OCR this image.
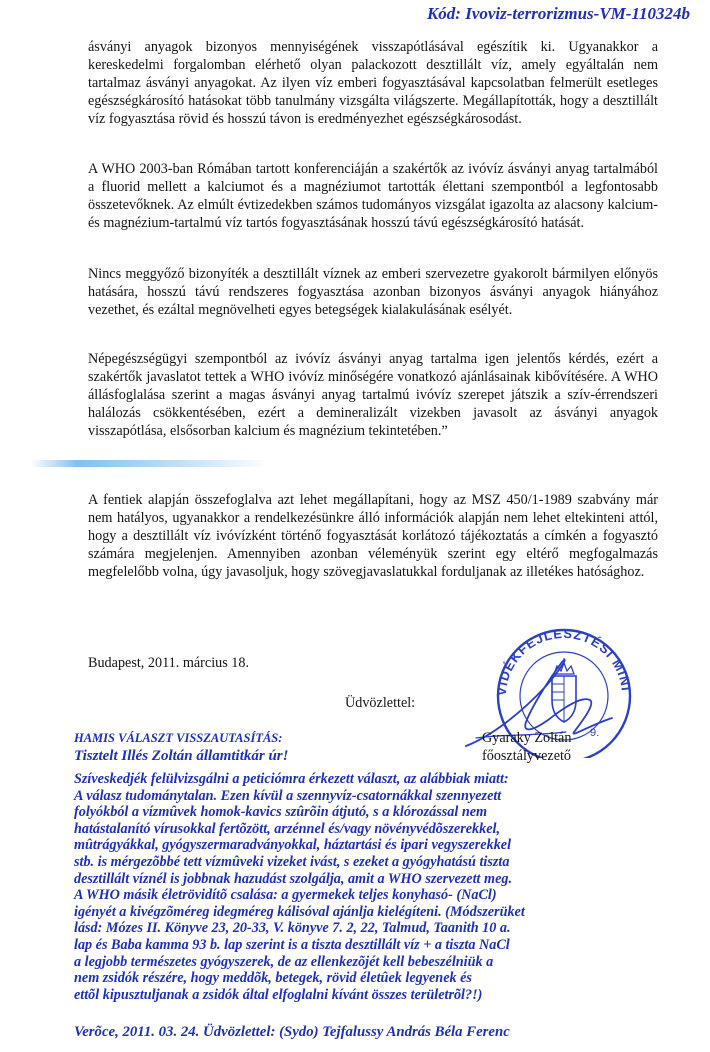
Kód: Ivoviz-terrorizmus-VM-110324b

ásványi anyagok bizonyos mennyiségének visszapótlásával egészítik ki. Ugyanakkor a kereskedelmi forgalomban elérhető olyan palackozott desztillált víz, amely egyáltalán nem tartalmaz ásványi anyagokat. Az ilyen víz emberi fogyasztásával kapcsolatban felmerült esetleges egészségkárosító hatásokat több tanulmány vizsgálta világszerte. Megállapították, hogy a desztillált víz fogyasztása rövid és hosszú távon is eredményezhet egészségkárosodást.

A WHO 2003-ban Rómában tartott konferenciáján a szakértők az ivóvíz ásványi anyag tartalmából a fluorid mellett a kalciumot és a magnéziumot tartották élettani szempontból a legfontosabb összetevőknek. Az elmúlt évtizedekben számos tudományos vizsgálat igazolta az alacsony kalcium- és magnézium-tartalmú víz tartós fogyasztásának hosszú távú egészségkárosító hatását.

Nincs meggyőző bizonyíték a desztillált víznek az emberi szervezetre gyakorolt bármilyen előnyös hatására, hosszú távú rendszeres fogyasztása azonban bizonyos ásványi anyagok hiányához vezethet, és ezáltal megnövelheti egyes betegségek kialakulásának esélyét.

Népegészségügyi szempontból az ivóvíz ásványi anyag tartalma igen jelentős kérdés, ezért a szakértők javaslatot tettek a WHO ivóvíz minőségére vonatkozó ajánlásainak kibővítésére. A WHO állásfoglalása szerint a magas ásványi anyag tartalmú ivóvíz szerepet játszik a szív-érrendszeri halálozás csökkentésében, ezért a demineralizált vizekben javasolt az ásványi anyagok visszapótlása, elsősorban kalcium és magnézium tekintetében.”

A fentiek alapján összefoglalva azt lehet megállapítani, hogy az MSZ 450/1-1989 szabvány már nem hatályos, ugyanakkor a rendelkezésünkre álló információk alapján nem lehet eltekinteni attól, hogy a desztillált víz ivóvízként történő fogyasztását korlátozó tájékoztatás a címkén a fogyasztó számára megjelenjen. Amennyiben azonban véleményük szerint egy eltérő megfogalmazás megfelelőbb volna, úgy javasoljuk, hogy szövegjavaslatukkal forduljanak az illetékes hatósághoz.

Budapest, 2011. március 18.
Üdvözlettel:
VIDÉKFEJLESZTÉSI MINI
9.
Gyaraky Zoltán
főosztályvezető
HAMIS VÁLASZT VISSZAUTASÍTÁS:
Tisztelt Illés Zoltán államtitkár úr!

Szíveskedjék felülvizsgálni a peticiómra érkezett választ, az alábbiak miatt:

A válasz tudománytalan. Ezen kívül a szennyvíz-csatornákkal szennyezett

folyókból a vízmûvek homok-kavics szûrõin átjutó, s a klórozással nem

hatástalanító vírusokkal fertõzött, arzénnel és/vagy növényvédõszerekkel,

mûtrágyákkal, gyógyszermaradványokkal, háztartási és ipari vegyszerekkel

stb. is mérgezõbbé tett vízmûveki vizeket ivást, s ezeket a gyógyhatású tiszta

desztillált víznél is jobbnak hazudást szolgálja, amit a WHO szervezett meg.

A WHO másik életrövidítõ csalása: a gyermekek teljes konyhasó- (NaCl)

igényét a kivégzõméreg idegméreg kálisóval ajánlja kielégíteni. (Módszerüket

lásd: Mózes II. Könyve 23, 20-33, V. könyve 7. 2, 22, Talmud, Taanith 10 a.

lap és Baba kamma 93 b. lap szerint is a tiszta desztillált víz + a tiszta NaCl

a legjobb természetes gyógyszerek, de az ellenkezõjét kell bebeszélniük a

nem zsidók részére, hogy meddõk, betegek, rövid életûek legyenek és

ettõl kipusztuljanak a zsidók által elfoglalni kívánt összes területrõl?!)

Verõce, 2011. 03. 24. Üdvözlettel: (Sydo) Tejfalussy András Béla Ferenc
